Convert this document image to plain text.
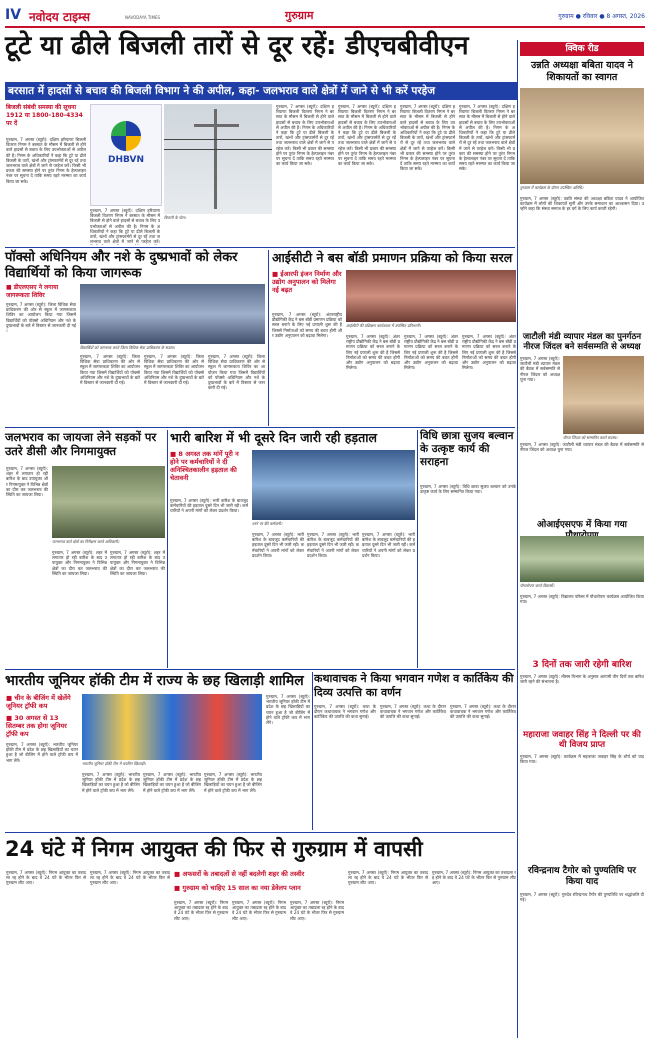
IV नवोदय टाइम्स	NAVODAYA TIMES	गुरुग्राम	गुरुग्राम ● रविवार ● 8 अगस्त, 2026
टूटे या ढीले बिजली तारों से दूर रहें: डीएचबीवीएन
बरसात में हादसों से बचाव की बिजली विभाग ने की अपील, कहा- जलभराव वाले क्षेत्रों में जाने से भी करें परहेज
बिजली संबंधी समस्या की सूचना 1912 या 1800-180-4334 पर दें
गुरुग्राम, 7 अगस्त (ब्यूरो): दक्षिण हरियाणा बिजली वितरण निगम ने बरसात के मौसम में बिजली से होने वाले हादसों से बचाव के लिए उपभोक्ताओं से अपील की है। निगम के अधिकारियों ने कहा कि टूटे या ढीले बिजली के तारों, खंभों और ट्रांसफार्मरों से दूर रहें तथा जलभराव वाले क्षेत्रों में जाने से परहेज करें। किसी भी प्रकार की समस्या होने पर तुरंत निगम के हेल्पलाइन नंबर पर सूचना दें ताकि समय रहते मरम्मत का कार्य किया जा सके।
DHBVN
गुरुग्राम, 7 अगस्त (ब्यूरो): दक्षिण हरियाणा बिजली वितरण निगम ने बरसात के मौसम में बिजली से होने वाले हादसों से बचाव के लिए उपभोक्ताओं से अपील की है। निगम के अधिकारियों ने कहा कि टूटे या ढीले बिजली के तारों, खंभों और ट्रांसफार्मरों से दूर रहें तथा जलभराव वाले क्षेत्रों में जाने से परहेज करें।
बिजली के पोल।
गुरुग्राम, 7 अगस्त (ब्यूरो): दक्षिण हरियाणा बिजली वितरण निगम ने बरसात के मौसम में बिजली से होने वाले हादसों से बचाव के लिए उपभोक्ताओं से अपील की है। निगम के अधिकारियों ने कहा कि टूटे या ढीले बिजली के तारों, खंभों और ट्रांसफार्मरों से दूर रहें तथा जलभराव वाले क्षेत्रों में जाने से परहेज करें। किसी भी प्रकार की समस्या होने पर तुरंत निगम के हेल्पलाइन नंबर पर सूचना दें ताकि समय रहते मरम्मत का कार्य किया जा सके।
गुरुग्राम, 7 अगस्त (ब्यूरो): दक्षिण हरियाणा बिजली वितरण निगम ने बरसात के मौसम में बिजली से होने वाले हादसों से बचाव के लिए उपभोक्ताओं से अपील की है। निगम के अधिकारियों ने कहा कि टूटे या ढीले बिजली के तारों, खंभों और ट्रांसफार्मरों से दूर रहें तथा जलभराव वाले क्षेत्रों में जाने से परहेज करें। किसी भी प्रकार की समस्या होने पर तुरंत निगम के हेल्पलाइन नंबर पर सूचना दें ताकि समय रहते मरम्मत का कार्य किया जा सके।
गुरुग्राम, 7 अगस्त (ब्यूरो): दक्षिण हरियाणा बिजली वितरण निगम ने बरसात के मौसम में बिजली से होने वाले हादसों से बचाव के लिए उपभोक्ताओं से अपील की है। निगम के अधिकारियों ने कहा कि टूटे या ढीले बिजली के तारों, खंभों और ट्रांसफार्मरों से दूर रहें तथा जलभराव वाले क्षेत्रों में जाने से परहेज करें। किसी भी प्रकार की समस्या होने पर तुरंत निगम के हेल्पलाइन नंबर पर सूचना दें ताकि समय रहते मरम्मत का कार्य किया जा सके।
गुरुग्राम, 7 अगस्त (ब्यूरो): दक्षिण हरियाणा बिजली वितरण निगम ने बरसात के मौसम में बिजली से होने वाले हादसों से बचाव के लिए उपभोक्ताओं से अपील की है। निगम के अधिकारियों ने कहा कि टूटे या ढीले बिजली के तारों, खंभों और ट्रांसफार्मरों से दूर रहें तथा जलभराव वाले क्षेत्रों में जाने से परहेज करें। किसी भी प्रकार की समस्या होने पर तुरंत निगम के हेल्पलाइन नंबर पर सूचना दें ताकि समय रहते मरम्मत का कार्य किया जा सके।
क्विक रीड
उन्नति अध्यक्षा बबिता यादव ने शिकायतों का स्वागत
गुरुग्राम में कार्यक्रम के दौरान उपस्थित अतिथि।
गुरुग्राम, 7 अगस्त (ब्यूरो): उन्नति संस्था की अध्यक्षा बबिता यादव ने आयोजित कार्यक्रम में लोगों की शिकायतें सुनीं और उनके समाधान का आश्वासन दिया। उन्होंने कहा कि संस्था समाज के हर वर्ग के लिए कार्य करती रहेगी।
जाटौली मंडी व्यापार मंडल का पुनर्गठन नीरज जिंदल बने सर्वसम्मति से अध्यक्ष
गुरुग्राम, 7 अगस्त (ब्यूरो): जाटौली मंडी व्यापार मंडल की बैठक में सर्वसम्मति से नीरज जिंदल को अध्यक्ष चुना गया।
नीरज जिंदल को सम्मानित करते सदस्य।
गुरुग्राम, 7 अगस्त (ब्यूरो): जाटौली मंडी व्यापार मंडल की बैठक में सर्वसम्मति से नीरज जिंदल को अध्यक्ष चुना गया।
ओआईएसएफ में किया गया
पौधारोपण करते विद्यार्थी।
गुरुग्राम, 7 अगस्त (ब्यूरो): विद्यालय परिसर में पौधारोपण कार्यक्रम आयोजित किया गया।
3 दिनों तक जारी रहेगी बारिश
गुरुग्राम, 7 अगस्त (ब्यूरो): मौसम विभाग के अनुसार आगामी तीन दिनों तक बारिश जारी रहने की संभावना है।
महाराजा जवाहर सिंह ने दिल्ली पर की थी विजय प्राप्त
गुरुग्राम, 7 अगस्त (ब्यूरो): कार्यक्रम में महाराजा जवाहर सिंह के शौर्य को याद किया गया।
रविन्द्रनाथ टैगोर को पुण्यतिथि पर किया याद
गुरुग्राम, 7 अगस्त (ब्यूरो): गुरुदेव रविन्द्रनाथ टैगोर की पुण्यतिथि पर श्रद्धांजलि दी गई।
पॉक्सो अधिनियम और नशे के दुष्प्रभावों को लेकर विद्यार्थियों को किया जागरूक
■ डीएलएसए ने लगाया जागरूकता शिविर
गुरुग्राम, 7 अगस्त (ब्यूरो): जिला विधिक सेवा प्राधिकरण की ओर से स्कूल में जागरूकता शिविर का आयोजन किया गया जिसमें विद्यार्थियों को पॉक्सो अधिनियम और नशे के दुष्प्रभावों के बारे में विस्तार से जानकारी दी गई।
विद्यार्थियों को जागरूक करते जिला विधिक सेवा प्राधिकरण के सदस्य।
गुरुग्राम, 7 अगस्त (ब्यूरो): जिला विधिक सेवा प्राधिकरण की ओर से स्कूल में जागरूकता शिविर का आयोजन किया गया जिसमें विद्यार्थियों को पॉक्सो अधिनियम और नशे के दुष्प्रभावों के बारे में विस्तार से जानकारी दी गई।
गुरुग्राम, 7 अगस्त (ब्यूरो): जिला विधिक सेवा प्राधिकरण की ओर से स्कूल में जागरूकता शिविर का आयोजन किया गया जिसमें विद्यार्थियों को पॉक्सो अधिनियम और नशे के दुष्प्रभावों के बारे में विस्तार से जानकारी दी गई।
गुरुग्राम, 7 अगस्त (ब्यूरो): जिला विधिक सेवा प्राधिकरण की ओर से स्कूल में जागरूकता शिविर का आयोजन किया गया जिसमें विद्यार्थियों को पॉक्सो अधिनियम और नशे के दुष्प्रभावों के बारे में विस्तार से जानकारी दी गई।
आईसीटी ने बस बॉडी प्रमाणन प्रक्रिया को किया सरल
■ ईआरपी इंजन निर्माण और उद्योग अनुपालन को मिलेगा नई बढ़त
गुरुग्राम, 7 अगस्त (ब्यूरो): अंतरराष्ट्रीय प्रौद्योगिकी केंद्र ने बस बॉडी प्रमाणन प्रक्रिया को सरल बनाने के लिए नई प्रणाली शुरू की है जिससे निर्माताओं को समय की बचत होगी और उद्योग अनुपालन को बढ़ावा मिलेगा।
आईसीटी की प्रशिक्षण कार्यशाला में उपस्थित प्रतिभागी।
गुरुग्राम, 7 अगस्त (ब्यूरो): अंतरराष्ट्रीय प्रौद्योगिकी केंद्र ने बस बॉडी प्रमाणन प्रक्रिया को सरल बनाने के लिए नई प्रणाली शुरू की है जिससे निर्माताओं को समय की बचत होगी और उद्योग अनुपालन को बढ़ावा मिलेगा।
गुरुग्राम, 7 अगस्त (ब्यूरो): अंतरराष्ट्रीय प्रौद्योगिकी केंद्र ने बस बॉडी प्रमाणन प्रक्रिया को सरल बनाने के लिए नई प्रणाली शुरू की है जिससे निर्माताओं को समय की बचत होगी और उद्योग अनुपालन को बढ़ावा मिलेगा।
गुरुग्राम, 7 अगस्त (ब्यूरो): अंतरराष्ट्रीय प्रौद्योगिकी केंद्र ने बस बॉडी प्रमाणन प्रक्रिया को सरल बनाने के लिए नई प्रणाली शुरू की है जिससे निर्माताओं को समय की बचत होगी और उद्योग अनुपालन को बढ़ावा मिलेगा।
जलभराव का जायजा लेने सड़कों पर उतरे डीसी और निगमायुक्त
गुरुग्राम, 7 अगस्त (ब्यूरो): शहर में लगातार हो रही बारिश के बाद उपायुक्त और निगमायुक्त ने विभिन्न क्षेत्रों का दौरा कर जलभराव की स्थिति का जायजा लिया।
जलभराव वाले क्षेत्रों का निरीक्षण करते अधिकारी।
गुरुग्राम, 7 अगस्त (ब्यूरो): शहर में लगातार हो रही बारिश के बाद उपायुक्त और निगमायुक्त ने विभिन्न क्षेत्रों का दौरा कर जलभराव की स्थिति का जायजा लिया।
गुरुग्राम, 7 अगस्त (ब्यूरो): शहर में लगातार हो रही बारिश के बाद उपायुक्त और निगमायुक्त ने विभिन्न क्षेत्रों का दौरा कर जलभराव की स्थिति का जायजा लिया।
भारी बारिश में भी दूसरे दिन जारी रही हड़ताल
■ 8 अगस्त तक मांगें पूरी न होने पर कर्मचारियों ने दी अनिश्चितकालीन हड़ताल की चेतावनी
गुरुग्राम, 7 अगस्त (ब्यूरो): भारी बारिश के बावजूद कर्मचारियों की हड़ताल दूसरे दिन भी जारी रही। कर्मचारियों ने अपनी मांगों को लेकर प्रदर्शन किया।
धरने पर बैठे कर्मचारी।
गुरुग्राम, 7 अगस्त (ब्यूरो): भारी बारिश के बावजूद कर्मचारियों की हड़ताल दूसरे दिन भी जारी रही। कर्मचारियों ने अपनी मांगों को लेकर प्रदर्शन किया।
गुरुग्राम, 7 अगस्त (ब्यूरो): भारी बारिश के बावजूद कर्मचारियों की हड़ताल दूसरे दिन भी जारी रही। कर्मचारियों ने अपनी मांगों को लेकर प्रदर्शन किया।
गुरुग्राम, 7 अगस्त (ब्यूरो): भारी बारिश के बावजूद कर्मचारियों की हड़ताल दूसरे दिन भी जारी रही। कर्मचारियों ने अपनी मांगों को लेकर प्रदर्शन किया।
विधि छात्रा सुजय बल्वान के उत्कृष्ट कार्य की सराहना
गुरुग्राम, 7 अगस्त (ब्यूरो): विधि छात्रा सुजय बल्वान को उनके उत्कृष्ट कार्य के लिए सम्मानित किया गया।
भारतीय जूनियर हॉकी टीम में राज्य के छह खिलाड़ी शामिल
■ चीन के बीजिंग में खेलेंगे जूनियर ट्रॉफी कप
■ 30 अगस्त से 13 सितम्बर तक होगा जूनियर ट्रॉफी कप
गुरुग्राम, 7 अगस्त (ब्यूरो): भारतीय जूनियर हॉकी टीम में प्रदेश के छह खिलाड़ियों का चयन हुआ है जो बीजिंग में होने वाले ट्रॉफी कप में भाग लेंगे।
भारतीय जूनियर हॉकी टीम में चयनित खिलाड़ी।
गुरुग्राम, 7 अगस्त (ब्यूरो): भारतीय जूनियर हॉकी टीम में प्रदेश के छह खिलाड़ियों का चयन हुआ है जो बीजिंग में होने वाले ट्रॉफी कप में भाग लेंगे।
गुरुग्राम, 7 अगस्त (ब्यूरो): भारतीय जूनियर हॉकी टीम में प्रदेश के छह खिलाड़ियों का चयन हुआ है जो बीजिंग में होने वाले ट्रॉफी कप में भाग लेंगे।
गुरुग्राम, 7 अगस्त (ब्यूरो): भारतीय जूनियर हॉकी टीम में प्रदेश के छह खिलाड़ियों का चयन हुआ है जो बीजिंग में होने वाले ट्रॉफी कप में भाग लेंगे।
गुरुग्राम, 7 अगस्त (ब्यूरो): भारतीय जूनियर हॉकी टीम में प्रदेश के छह खिलाड़ियों का चयन हुआ है जो बीजिंग में होने वाले ट्रॉफी कप में भाग लेंगे।
कथावाचक ने किया भगवान गणेश व कार्तिकेय की दिव्य उत्पत्ति का वर्णन
गुरुग्राम, 7 अगस्त (ब्यूरो): कथा के दौरान कथावाचक ने भगवान गणेश और कार्तिकेय की उत्पत्ति की कथा सुनाई।
गुरुग्राम, 7 अगस्त (ब्यूरो): कथा के दौरान कथावाचक ने भगवान गणेश और कार्तिकेय की उत्पत्ति की कथा सुनाई।
गुरुग्राम, 7 अगस्त (ब्यूरो): कथा के दौरान कथावाचक ने भगवान गणेश और कार्तिकेय की उत्पत्ति की कथा सुनाई।
24 घंटे में निगम आयुक्त की फिर से गुरुग्राम में वापसी
गुरुग्राम, 7 अगस्त (ब्यूरो): निगम आयुक्त का तबादला रद्द होने के बाद वे 24 घंटे के भीतर फिर से गुरुग्राम लौट आए।
गुरुग्राम, 7 अगस्त (ब्यूरो): निगम आयुक्त का तबादला रद्द होने के बाद वे 24 घंटे के भीतर फिर से गुरुग्राम लौट आए।
■ अफसरों के तबादलों से नहीं बदलेगी शहर की तस्वीर
■ गुरुग्राम को चाहिए 15 साल का नया डेवेलप प्लान
गुरुग्राम, 7 अगस्त (ब्यूरो): निगम आयुक्त का तबादला रद्द होने के बाद वे 24 घंटे के भीतर फिर से गुरुग्राम लौट आए।
गुरुग्राम, 7 अगस्त (ब्यूरो): निगम आयुक्त का तबादला रद्द होने के बाद वे 24 घंटे के भीतर फिर से गुरुग्राम लौट आए।
गुरुग्राम, 7 अगस्त (ब्यूरो): निगम आयुक्त का तबादला रद्द होने के बाद वे 24 घंटे के भीतर फिर से गुरुग्राम लौट आए।
गुरुग्राम, 7 अगस्त (ब्यूरो): निगम आयुक्त का तबादला रद्द होने के बाद वे 24 घंटे के भीतर फिर से गुरुग्राम लौट आए।
गुरुग्राम, 7 अगस्त (ब्यूरो): निगम आयुक्त का तबादला रद्द होने के बाद वे 24 घंटे के भीतर फिर से गुरुग्राम लौट आए।
